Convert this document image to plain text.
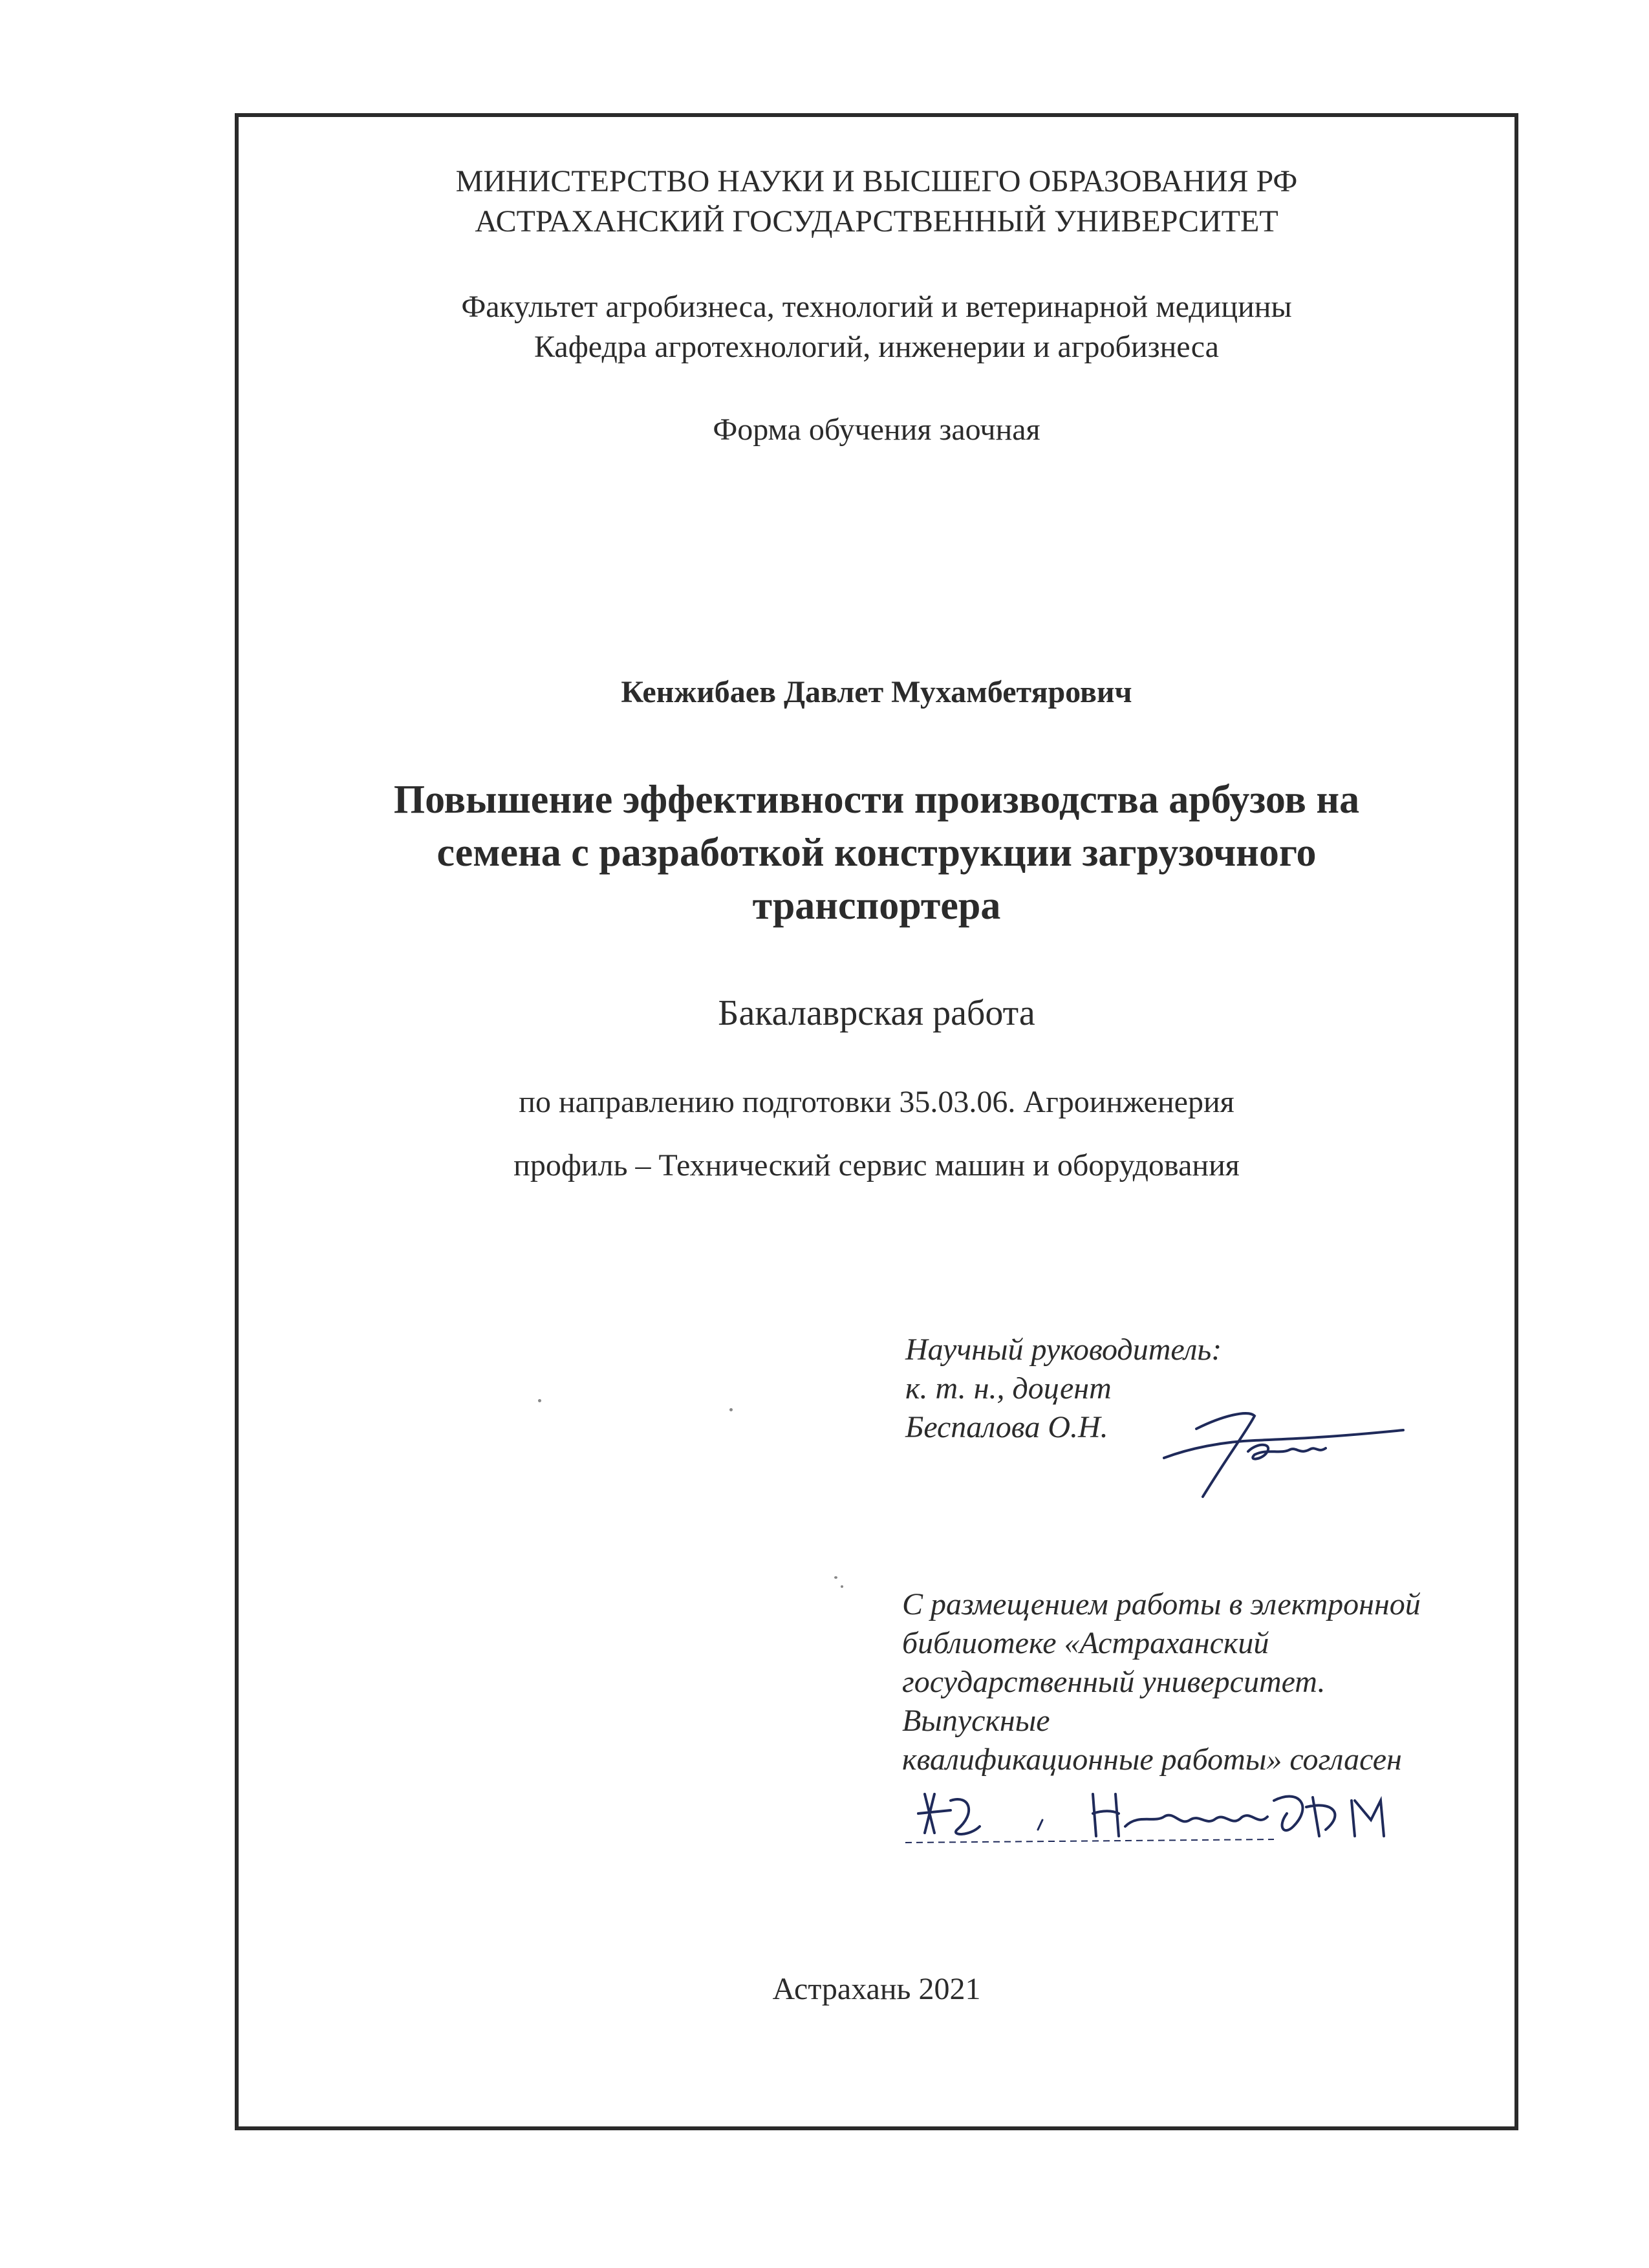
МИНИСТЕРСТВО НАУКИ И ВЫСШЕГО ОБРАЗОВАНИЯ РФ
АСТРАХАНСКИЙ ГОСУДАРСТВЕННЫЙ УНИВЕРСИТЕТ
Факультет агробизнеса, технологий и ветеринарной медицины
Кафедра агротехнологий, инженерии и агробизнеса
Форма обучения заочная
Кенжибаев Давлет Мухамбетярович
Повышение эффективности производства арбузов на
семена с разработкой конструкции загрузочного
транспортера
Бакалаврская работа
по направлению подготовки 35.03.06. Агроинженерия
профиль – Технический сервис машин и оборудования
Научный руководитель:
к. т. н., доцент
Беспалова О.Н.
С размещением работы в электронной
библиотеке «Астраханский
государственный университет.
Выпускные
квалификационные работы» согласен
Астрахань 2021
